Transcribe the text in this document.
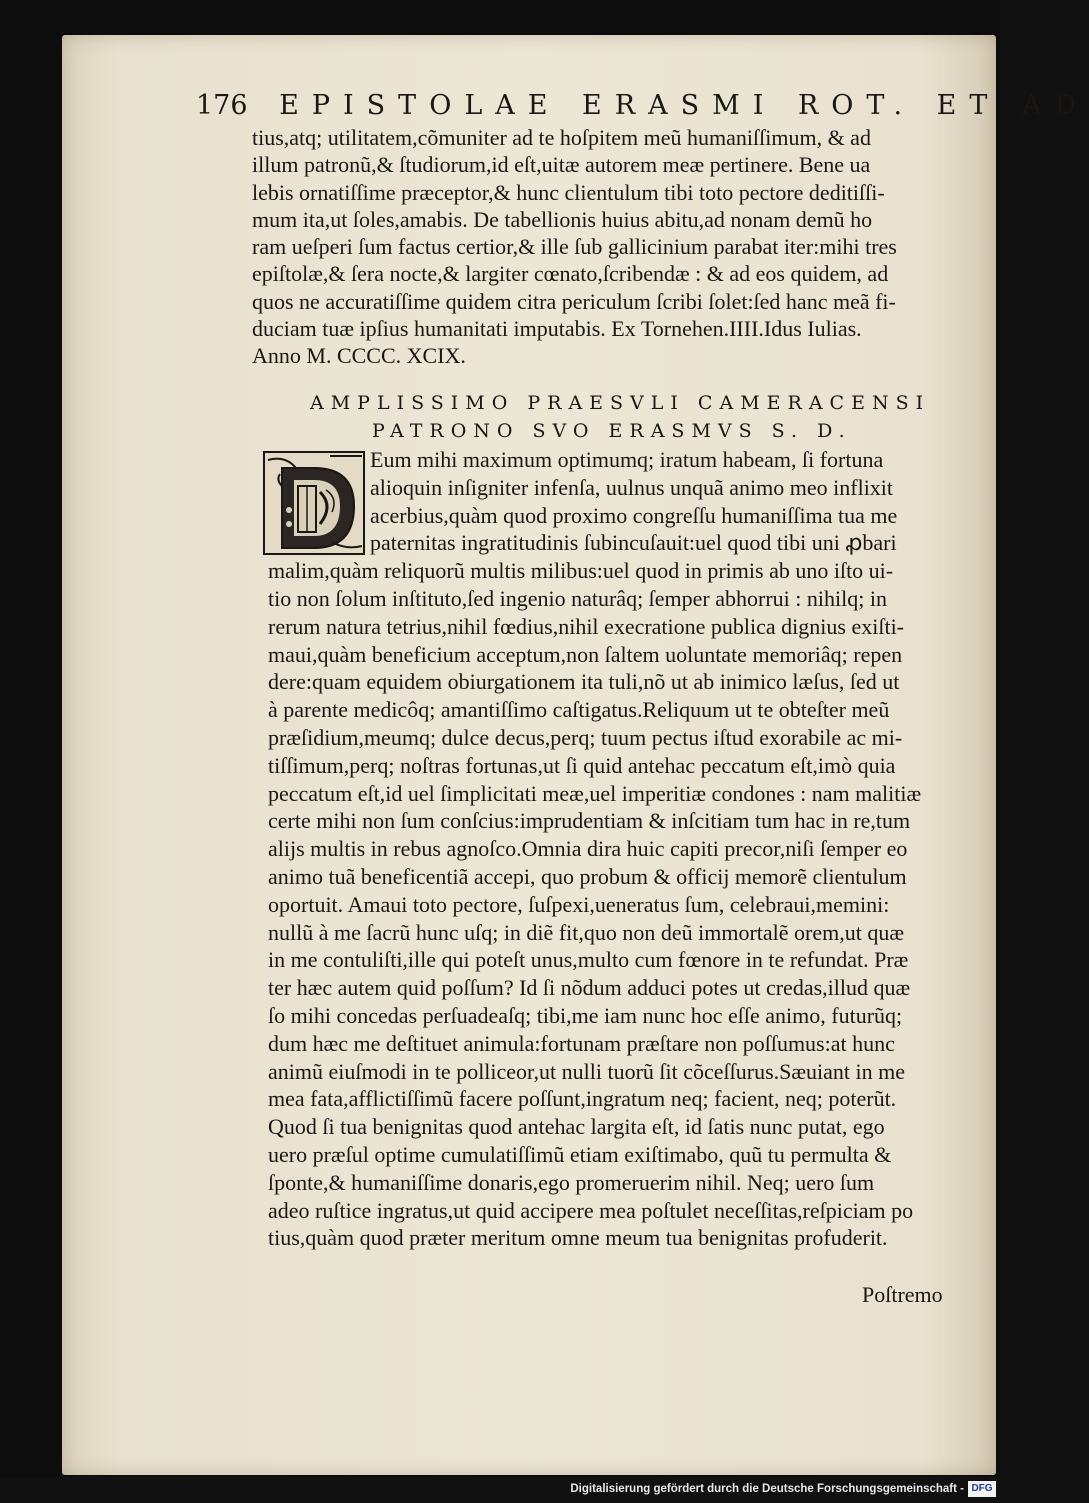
176 EPISTOLAE ERASMI ROT. ET AD
tius,atq; utilitatem,cõmuniter ad te hoſpitem meũ humaniſſimum, & ad
illum patronũ,& ſtudiorum,id eſt,uitæ autorem meæ pertinere. Bene ua
lebis ornatiſſime præceptor,& hunc clientulum tibi toto pectore deditiſſi-
mum ita,ut ſoles,amabis. De tabellionis huius abitu,ad nonam demũ ho
ram ueſperi ſum factus certior,& ille ſub gallicinium parabat iter:mihi tres
epiſtolæ,& ſera nocte,& largiter cœnato,ſcribendæ : & ad eos quidem, ad
quos ne accuratiſſime quidem citra periculum ſcribi ſolet:ſed hanc meã fi-
duciam tuæ ipſius humanitati imputabis. Ex Tornehen.IIII.Idus Iulias.
Anno M. CCCC. XCIX.
AMPLISSIMO PRAESVLI CAMERACENSI
PATRONO SVO ERASMVS S. D.
Eum mihi maximum optimumq; iratum habeam, ſi fortuna
alioquin inſigniter infenſa, uulnus unquã animo meo inflixit
acerbius,quàm quod proximo congreſſu humaniſſima tua me
paternitas ingratitudinis ſubincuſauit:uel quod tibi uni ꝓbari
malim,quàm reliquorũ multis milibus:uel quod in primis ab uno iſto ui-
tio non ſolum inſtituto,ſed ingenio naturâq; ſemper abhorrui : nihilq; in
rerum natura tetrius,nihil fœdius,nihil execratione publica dignius exiſti-
maui,quàm beneficium acceptum,non ſaltem uoluntate memoriâq; repen
dere:quam equidem obiurgationem ita tuli,nõ ut ab inimico læſus, ſed ut
à parente medicôq; amantiſſimo caſtigatus.Reliquum ut te obteſter meũ
præſidium,meumq; dulce decus,perq; tuum pectus iſtud exorabile ac mi-
tiſſimum,perq; noſtras fortunas,ut ſi quid antehac peccatum eſt,imò quia
peccatum eſt,id uel ſimplicitati meæ,uel imperitiæ condones : nam malitiæ
certe mihi non ſum conſcius:imprudentiam & inſcitiam tum hac in re,tum
alijs multis in rebus agnoſco.Omnia dira huic capiti precor,niſi ſemper eo
animo tuã beneficentiã accepi, quo probum & officij memorẽ clientulum
oportuit. Amaui toto pectore, ſuſpexi,ueneratus ſum, celebraui,memini:
nullũ à me ſacrũ hunc uſq; in diẽ fit,quo non deũ immortalẽ orem,ut quæ
in me contuliſti,ille qui poteſt unus,multo cum fœnore in te refundat. Præ
ter hæc autem quid poſſum? Id ſi nõdum adduci potes ut credas,illud quæ
ſo mihi concedas perſuadeaſq; tibi,me iam nunc hoc eſſe animo, futurũq;
dum hæc me deſtituet animula:fortunam præſtare non poſſumus:at hunc
animũ eiuſmodi in te polliceor,ut nulli tuorũ ſit cõceſſurus.Sæuiant in me
mea fata,afflictiſſimũ facere poſſunt,ingratum neq; facient, neq; poterũt.
Quod ſi tua benignitas quod antehac largita eſt, id ſatis nunc putat, ego
uero præſul optime cumulatiſſimũ etiam exiſtimabo, quũ tu permulta &
ſponte,& humaniſſime donaris,ego promeruerim nihil. Neq; uero ſum
adeo ruſtice ingratus,ut quid accipere mea poſtulet neceſſitas,reſpiciam po
tius,quàm quod præter meritum omne meum tua benignitas profuderit.
Poſtremo
Digitalisierung gefördert durch die Deutsche Forschungsgemeinschaft - DFG
